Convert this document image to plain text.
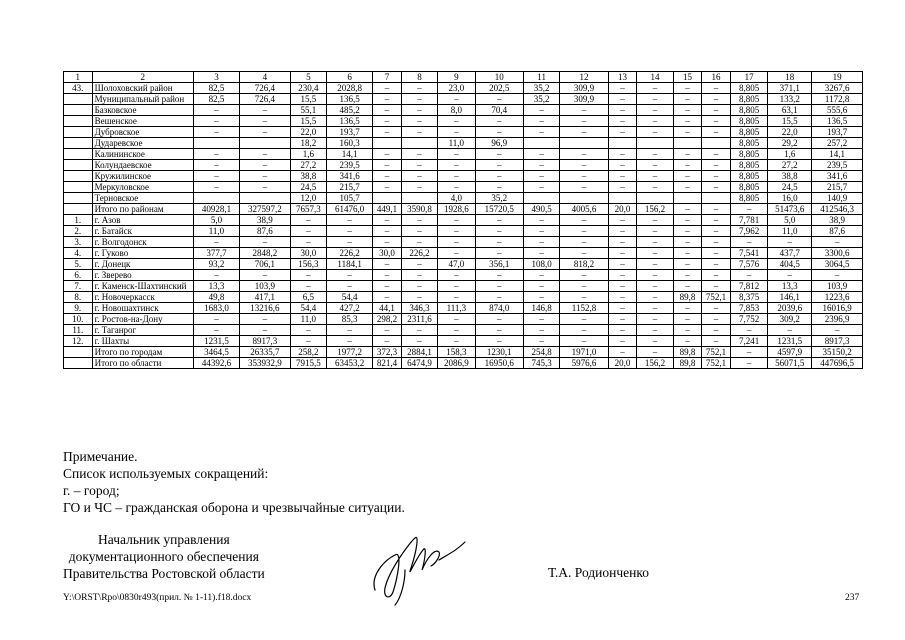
1	2	3	4	5	6	7	8	9	10	11	12	13	14	15	16	17	18	19
43.	Шолоховский район	82,5	726,4	230,4	2028,8	–	–	23,0	202,5	35,2	309,9	–	–	–	–	8,805	371,1	3267,6
	Муниципальный район	82,5	726,4	15,5	136,5	–	–	–	–	35,2	309,9	–	–	–	–	8,805	133,2	1172,8
	Базковское	–	–	55,1	485,2	–	–	8,0	70,4	–	–	–	–	–	–	8,805	63,1	555,6
	Вешенское	–	–	15,5	136,5	–	–	–	–	–	–	–	–	–	–	8,805	15,5	136,5
	Дубровское	–	–	22,0	193,7	–	–	–	–	–	–	–	–	–	–	8,805	22,0	193,7
	Дударевское			18,2	160,3			11,0	96,9							8,805	29,2	257,2
	Калининское	–	–	1,6	14,1	–	–	–	–	–	–	–	–	–	–	8,805	1,6	14,1
	Колундаевское	–	–	27,2	239,5	–	–	–	–	–	–	–	–	–	–	8,805	27,2	239,5
	Кружилинское	–	–	38,8	341,6	–	–	–	–	–	–	–	–	–	–	8,805	38,8	341,6
	Меркуловское	–	–	24,5	215,7	–	–	–	–	–	–	–	–	–	–	8,805	24,5	215,7
	Терновское			12,0	105,7			4,0	35,2							8,805	16,0	140,9
	Итого по районам	40928,1	327597,2	7657,3	61476,0	449,1	3590,8	1928,6	15720,5	490,5	4005,6	20,0	156,2	–	–	–	51473,6	412546,3
1.	г. Азов	5,0	38,9	–	–	–	–	–	–	–	–	–	–	–	–	7,781	5,0	38,9
2.	г. Батайск	11,0	87,6	–	–	–	–	–	–	–	–	–	–	–	–	7,962	11,0	87,6
3.	г. Волгодонск	–	–	–	–	–	–	–	–	–	–	–	–	–	–	–	–	–
4.	г. Гуково	377,7	2848,2	30,0	226,2	30,0	226,2	–	–	–	–	–	–	–	–	7,541	437,7	3300,6
5.	г. Донецк	93,2	706,1	156,3	1184,1	–	–	47,0	356,1	108,0	818,2	–	–	–	–	7,576	404,5	3064,5
6.	г. Зверево	–	–	–	–	–	–	–	–	–	–	–	–	–	–	–	–	–
7.	г. Каменск-Шахтинский	13,3	103,9	–	–	–	–	–	–	–	–	–	–	–	–	7,812	13,3	103,9
8.	г. Новочеркасск	49,8	417,1	6,5	54,4	–	–	–	–	–	–	–	–	89,8	752,1	8,375	146,1	1223,6
9.	г. Новошахтинск	1683,0	13216,6	54,4	427,2	44,1	346,3	111,3	874,0	146,8	1152,8	–	–	–	–	7,853	2039,6	16016,9
10.	г. Ростов-на-Дону	–	–	11,0	85,3	298,2	2311,6	–	–	–	–	–	–	–	–	7,752	309,2	2396,9
11.	г. Таганрог	–	–	–	–	–	–	–	–	–	–	–	–	–	–	–	–	–
12.	г. Шахты	1231,5	8917,3	–	–	–	–	–	–	–	–	–	–	–	–	7,241	1231,5	8917,3
	Итого по городам	3464,5	26335,7	258,2	1977,2	372,3	2884,1	158,3	1230,1	254,8	1971,0	–	–	89,8	752,1	–	4597,9	35150,2
	Итого по области	44392,6	353932,9	7915,5	63453,2	821,4	6474,9	2086,9	16950,6	745,3	5976,6	20,0	156,2	89,8	752,1	–	56071,5	447696,5
Примечание.
Список используемых сокращений:
г. – город;
ГО и ЧС – гражданская оборона и чрезвычайные ситуации.
Начальник управления
документационного обеспечения
Правительства Ростовской области	Т.А. Родионченко
Y:\ORST\Rpo\0830r493(прил. № 1-11).f18.docx	237
